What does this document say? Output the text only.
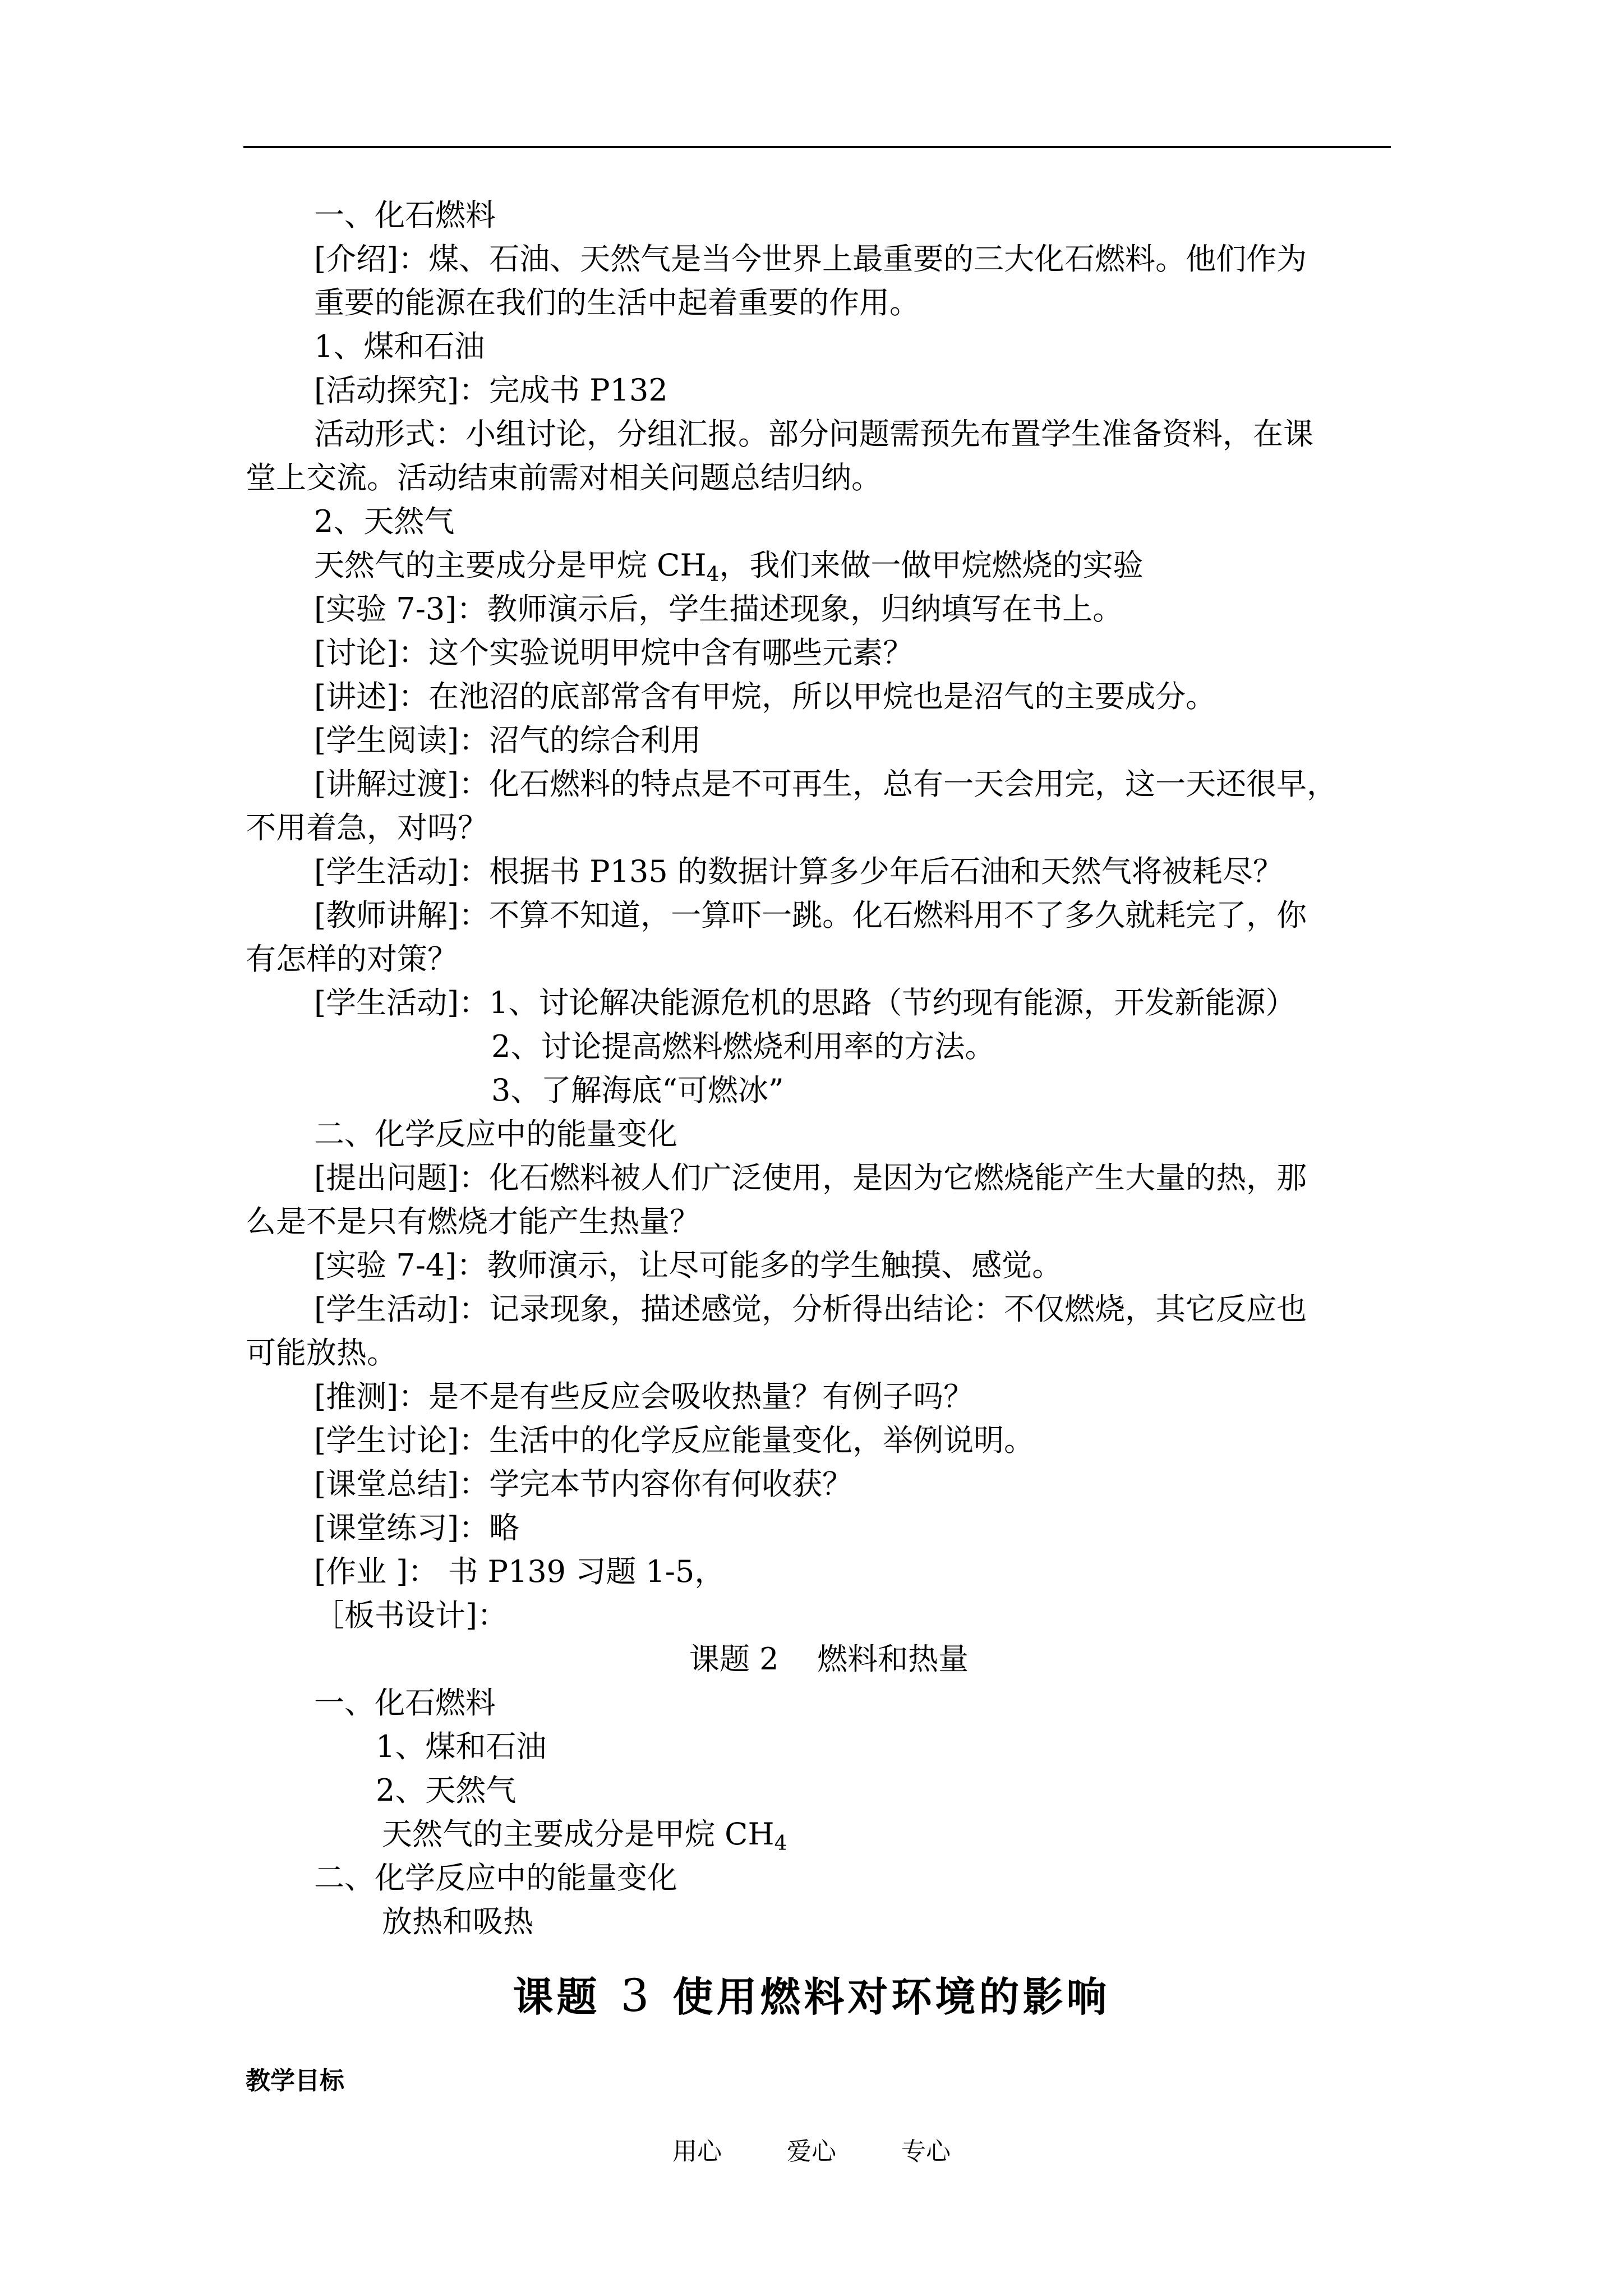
一、化石燃料
[介绍]：煤、石油、天然气是当今世界上最重要的三大化石燃料。他们作为
重要的能源在我们的生活中起着重要的作用。
1、煤和石油
[活动探究]：完成书 P132
活动形式：小组讨论，分组汇报。部分问题需预先布置学生准备资料，在课
堂上交流。活动结束前需对相关问题总结归纳。
2、天然气
天然气的主要成分是甲烷 $CH_4$，我们来做一做甲烷燃烧的实验
[实验 7-3]：教师演示后，学生描述现象，归纳填写在书上。
[讨论]：这个实验说明甲烷中含有哪些元素？
[讲述]：在池沼的底部常含有甲烷，所以甲烷也是沼气的主要成分。
[学生阅读]：沼气的综合利用
[讲解过渡]：化石燃料的特点是不可再生，总有一天会用完，这一天还很早，
不用着急，对吗？
[学生活动]：根据书 P135 的数据计算多少年后石油和天然气将被耗尽？
[教师讲解]：不算不知道，一算吓一跳。化石燃料用不了多久就耗完了，你
有怎样的对策？
[学生活动]：1、讨论解决能源危机的思路（节约现有能源，开发新能源）
2、讨论提高燃料燃烧利用率的方法。
3、了解海底“可燃冰”
二、化学反应中的能量变化
[提出问题]：化石燃料被人们广泛使用，是因为它燃烧能产生大量的热，那
么是不是只有燃烧才能产生热量？
[实验 7-4]：教师演示，让尽可能多的学生触摸、感觉。
[学生活动]：记录现象，描述感觉，分析得出结论：不仅燃烧，其它反应也
可能放热。
[推测]：是不是有些反应会吸收热量？有例子吗？
[学生讨论]：生活中的化学反应能量变化，举例说明。
[课堂总结]：学完本节内容你有何收获？
[课堂练习]：略
[作业 ]： 书 P139 习题 1-5，
［板书设计]：
课题 2    燃料和热量
一、化石燃料
1、煤和石油
2、天然气
天然气的主要成分是甲烷 $CH_4$
二、化学反应中的能量变化
放热和吸热
课题 3 使用燃料对环境的影响
教学目标
用心	爱心	专心
